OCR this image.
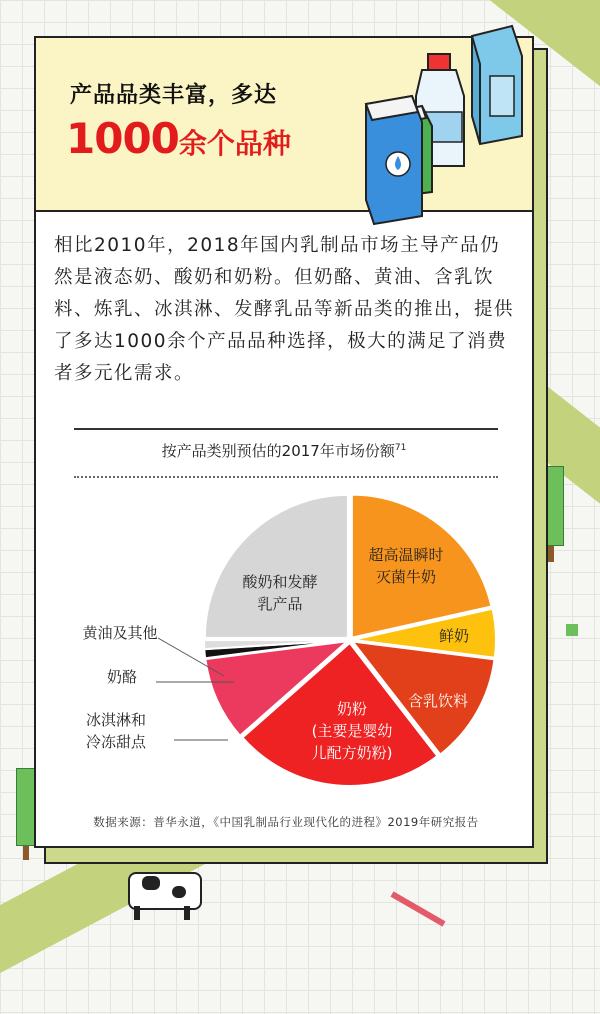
产品品类丰富，多达
1000余个品种

相比2010年，2018年国内乳制品市场主导产品仍然是液态奶、酸奶和奶粉。但奶酪、黄油、含乳饮料、炼乳、冰淇淋、发酵乳品等新品类的推出，提供了多达1000余个产品品种选择，极大的满足了消费者多元化需求。

按产品类别预估的2017年市场份额$^{71}$
超高温瞬时灭菌牛奶
鲜奶
含乳饮料
奶粉(主要是婴幼儿配方奶粉)
冰淇淋和冷冻甜点
奶酪
黄油及其他
酸奶和发酵乳产品
数据来源：普华永道，《中国乳制品行业现代化的进程》2019年研究报告
